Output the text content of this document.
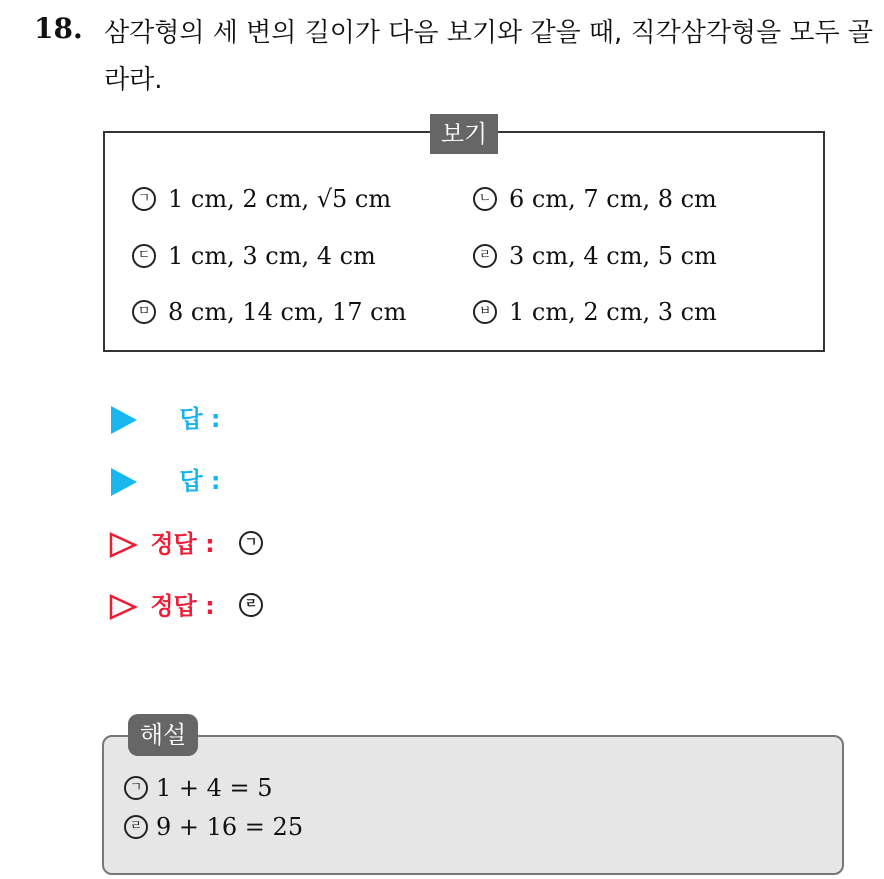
18. 삼각형의 세 변의 길이가 다음 보기와 같을 때, 직각삼각형을 모두 골라라.
보기
ㄱ 1 cm, 2 cm, √5 cm	ㄴ 6 cm, 7 cm, 8 cm
ㄷ 1 cm, 3 cm, 4 cm	ㄹ 3 cm, 4 cm, 5 cm
ㅁ 8 cm, 14 cm, 17 cm	ㅂ 1 cm, 2 cm, 3 cm
답 :
답 :
정답 : ㄱ
정답 : ㄹ
해설
ㄱ 1 + 4 = 5
ㄹ 9 + 16 = 25
